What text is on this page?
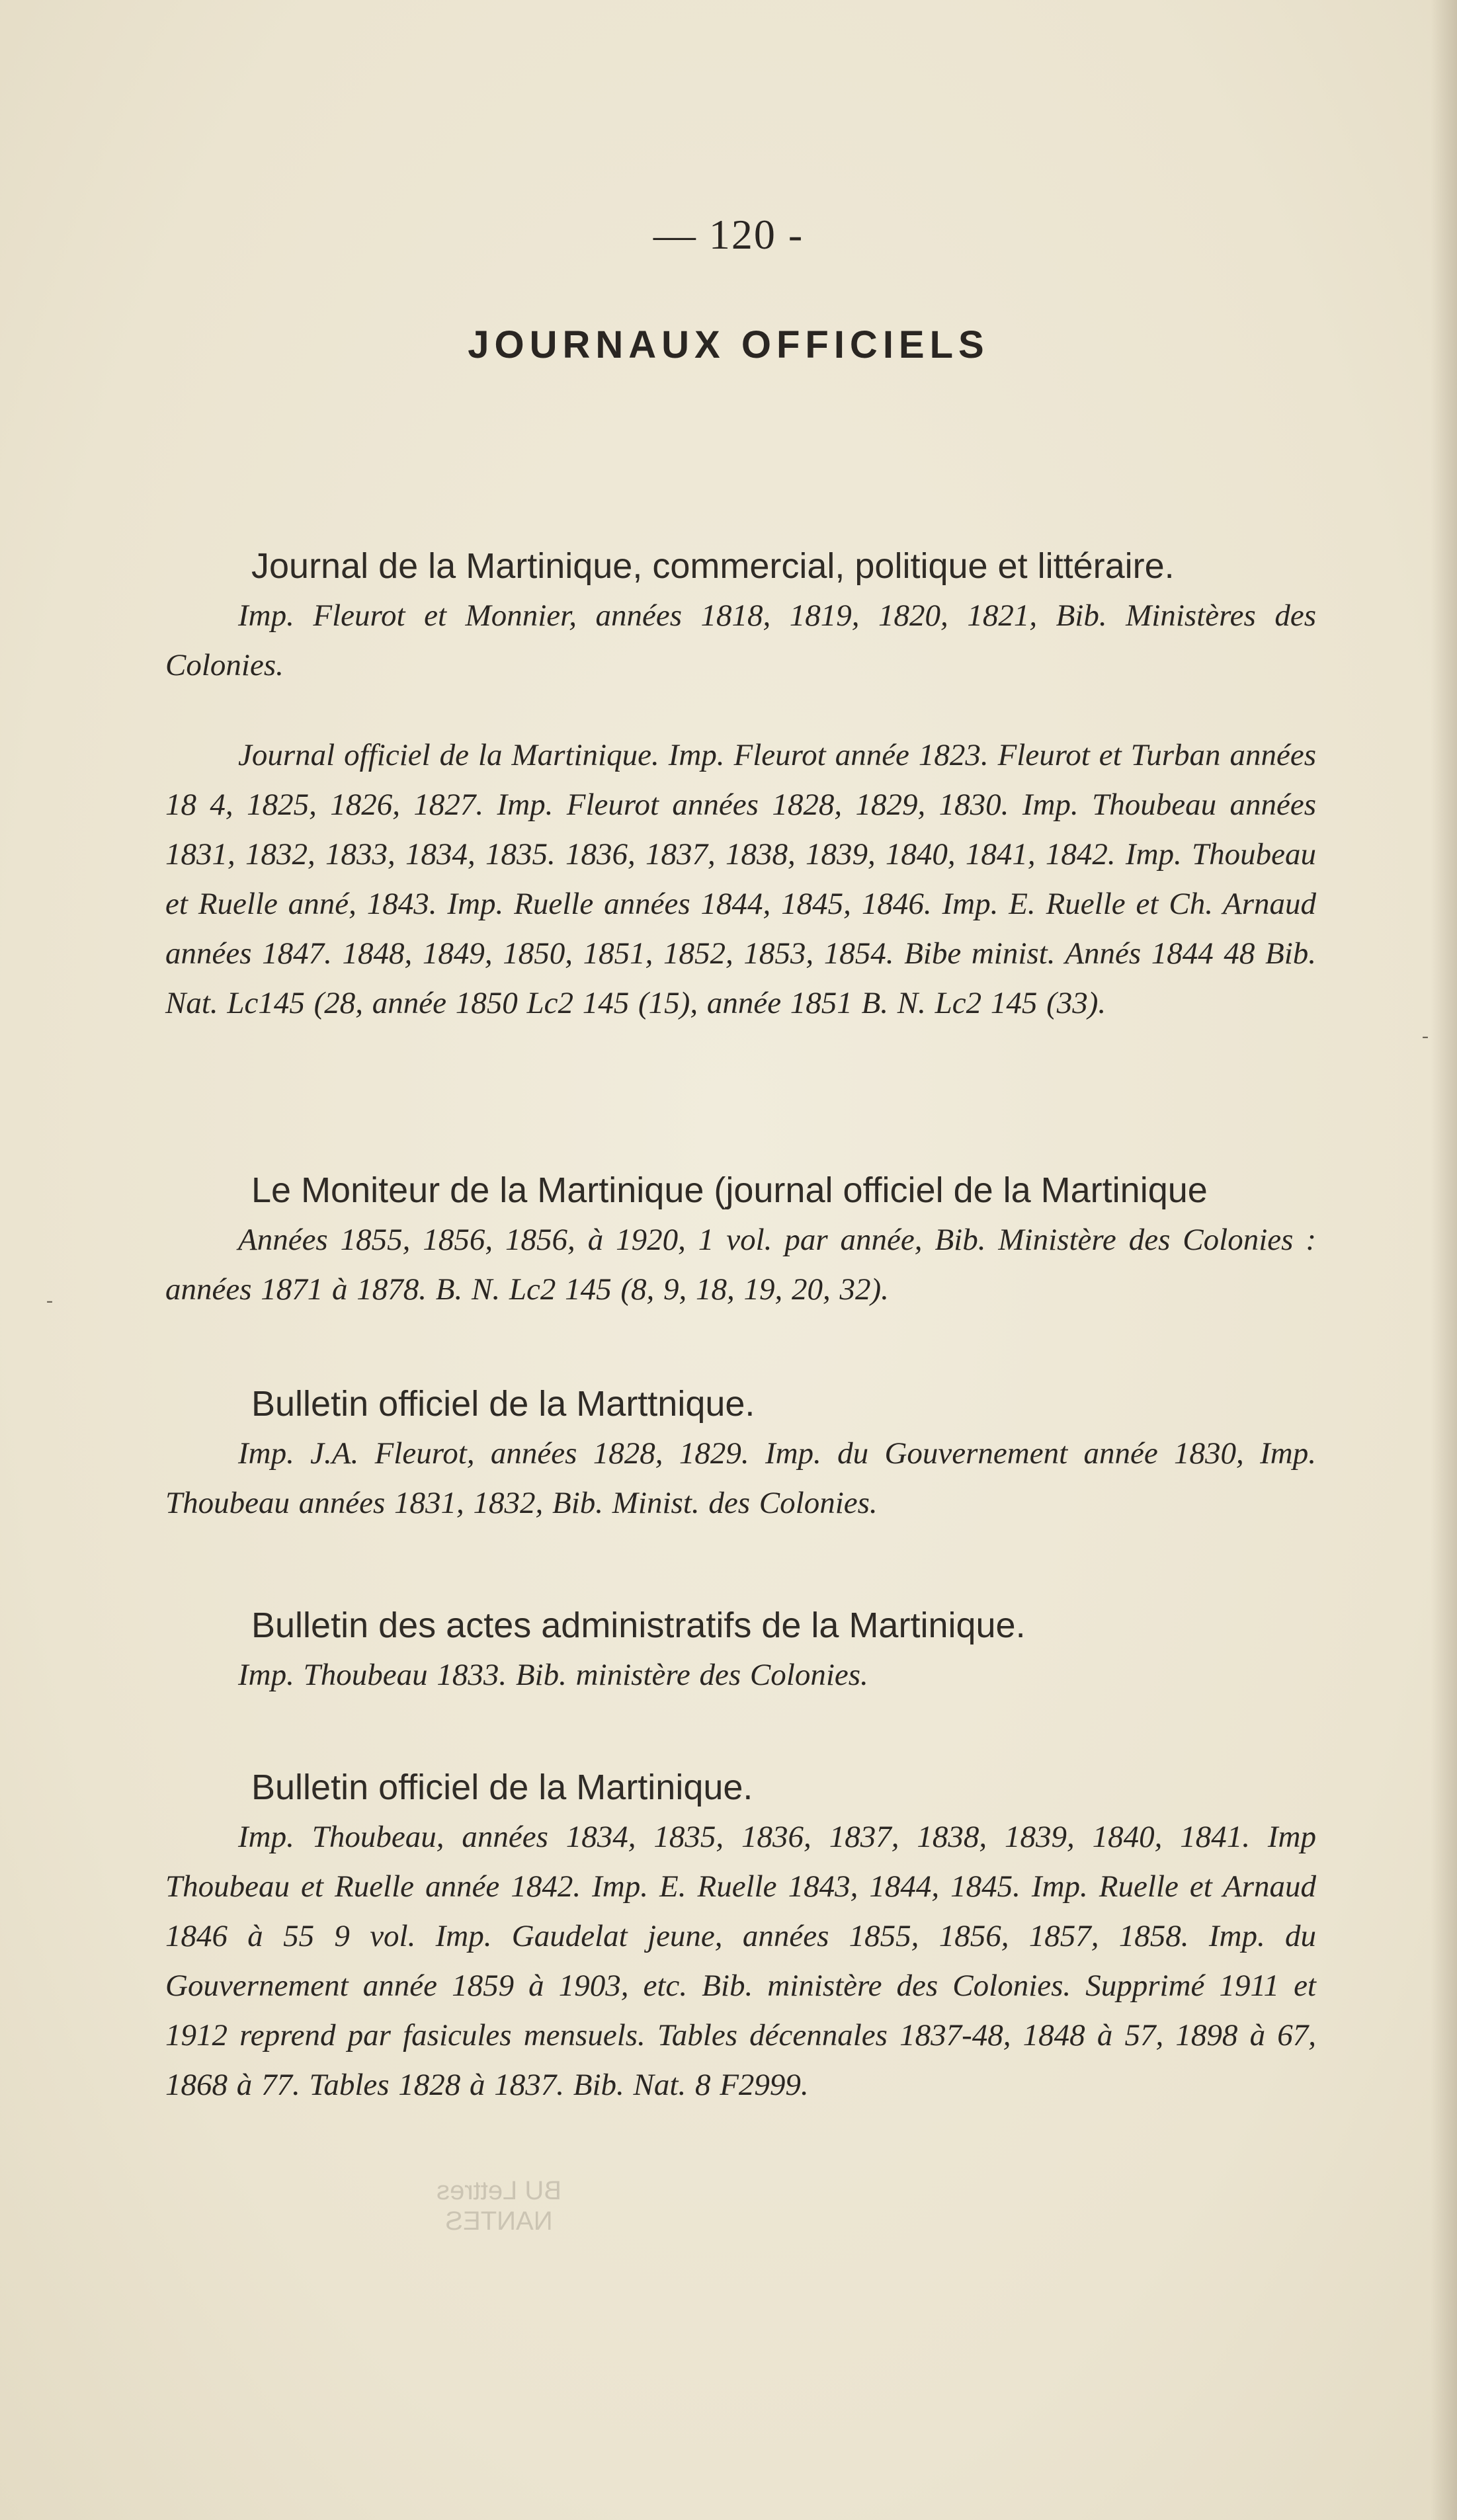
— 120 -
JOURNAUX OFFICIELS
Journal de la Martinique, commercial, politique et littéraire.
Imp. Fleurot et Monnier, années 1818, 1819, 1820, 1821, Bib. Ministères des Colonies.
Journal officiel de la Martinique. Imp. Fleurot année 1823. Fleurot et Turban années 18 4, 1825, 1826, 1827. Imp. Fleurot années 1828, 1829, 1830. Imp. Thoubeau années 1831, 1832, 1833, 1834, 1835. 1836, 1837, 1838, 1839, 1840, 1841, 1842. Imp. Thoubeau et Ruelle anné, 1843. Imp. Ruelle années 1844, 1845, 1846. Imp. E. Ruelle et Ch. Arnaud années 1847. 1848, 1849, 1850, 1851, 1852, 1853, 1854. Bibe minist. Annés 1844 48 Bib. Nat. Lc145 (28, année 1850 Lc2 145 (15), année 1851 B. N. Lc2 145 (33).
Le Moniteur de la Martinique (journal officiel de la Martinique
Années 1855, 1856, 1856, à 1920, 1 vol. par année, Bib. Ministère des Colonies : années 1871 à 1878. B. N. Lc2 145 (8, 9, 18, 19, 20, 32).
Bulletin officiel de la Marttnique.
Imp. J.A. Fleurot, années 1828, 1829. Imp. du Gouvernement année 1830, Imp. Thoubeau années 1831, 1832, Bib. Minist. des Colonies.
Bulletin des actes administratifs de la Martinique.
Imp. Thoubeau 1833. Bib. ministère des Colonies.
Bulletin officiel de la Martinique.
Imp. Thoubeau, années 1834, 1835, 1836, 1837, 1838, 1839, 1840, 1841. Imp Thoubeau et Ruelle année 1842. Imp. E. Ruelle 1843, 1844, 1845. Imp. Ruelle et Arnaud 1846 à 55 9 vol. Imp. Gaudelat jeune, années 1855, 1856, 1857, 1858. Imp. du Gouvernement année 1859 à 1903, etc. Bib. ministère des Colonies. Supprimé 1911 et 1912 reprend par fasicules mensuels. Tables décennales 1837-48, 1848 à 57, 1898 à 67, 1868 à 77. Tables 1828 à 1837. Bib. Nat. 8 F2999.
-
-
BU Lettres
NANTES
